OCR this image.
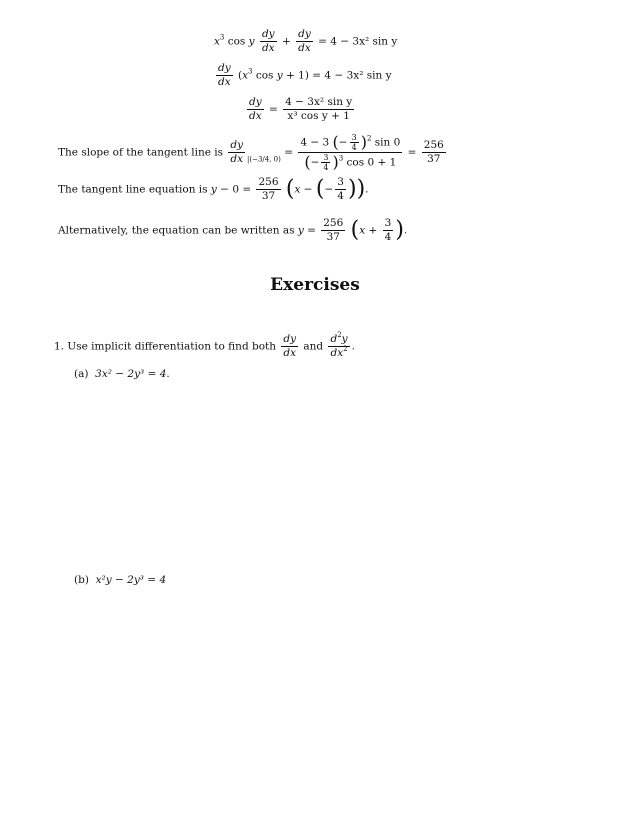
$x^3$ cos y $\frac{dy}{dx} + \frac{dy}{dx} = 4 - 3x^2$ sin y
$\frac{dy}{dx} (x^3$ cos y + 1) = 4 − 3x² sin y
$\frac{dy}{dx} = \frac{\text{4 − 3x² sin y}}{\text{x³ cos y + 1}}$
The slope of the tangent line is $\frac{dy}{dx} _{|(-3/4, 0)} = \frac{4 - 3 (- \frac{3}{4} )^2 \sin 0}{(- \frac{3}{4} )^3 \cos 0 + 1} = \frac{256}{37}$
The tangent line equation is $y - 0 = \frac{256}{37} (x$ − (− $\frac{3}{4}$ )).
Alternatively, the equation can be written as $y = \frac{256}{37} (x + \frac{3}{4}$ ).
Exercises
1. Use implicit differentiation to find both $\frac{dy}{dx}$ and $\frac{d^2y}{dx^2}$ .
(a) 3x² − 2y³ = 4.
(b) x²y − 2y³ = 4
